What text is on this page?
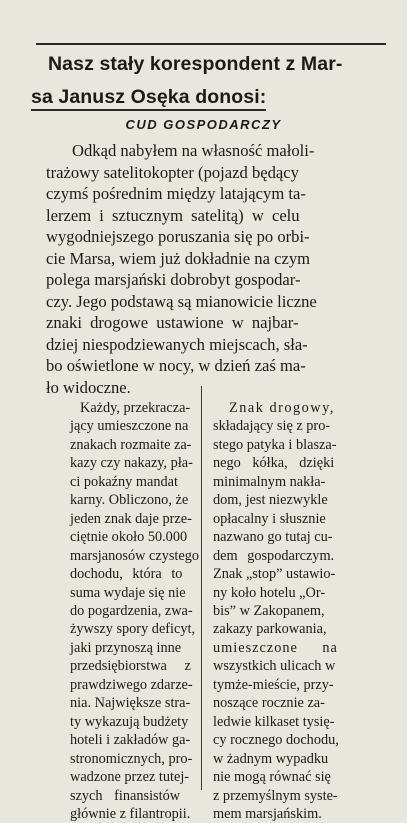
Nasz stały korespondent z Mar-
sa Janusz Osęka donosi:
CUD GOSPODARCZY
Odkąd nabyłem na własność małoli-
trażowy satelitokopter (pojazd będący
czymś pośrednim między latającym ta-
lerzem i sztucznym satelitą) w celu
wygodniejszego poruszania się po orbi-
cie Marsa, wiem już dokładnie na czym
polega marsjański dobrobyt gospodar-
czy. Jego podstawą są mianowicie liczne
znaki drogowe ustawione w najbar-
dziej niespodziewanych miejscach, sła-
bo oświetlone w nocy, w dzień zaś ma-
ło widoczne.
Każdy, przekracza-
jący umieszczone na
znakach rozmaite za-
kazy czy nakazy, pła-
ci pokaźny mandat
karny. Obliczono, że
jeden znak daje prze-
ciętnie około 50.000
marsjanosów czystego
dochodu, która to
suma wydaje się nie
do pogardzenia, zwa-
żywszy spory deficyt,
jaki przynoszą inne
przedsiębiorstwa z
prawdziwego zdarze-
nia. Największe stra-
ty wykazują budżety
hoteli i zakładów ga-
stronomicznych, pro-
wadzone przez tutej-
szych finansistów
głównie z filantropii.
Znak drogowy,
składający się z pro-
stego patyka i blasza-
nego kółka, dzięki
minimalnym nakła-
dom, jest niezwykle
opłacalny i słusznie
nazwano go tutaj cu-
dem gospodarczym.
Znak „stop” ustawio-
ny koło hotelu „Or-
bis” w Zakopanem,
zakazy parkowania,
umieszczone na
wszystkich ulicach w
tymże-mieście, przy-
noszące rocznie za-
ledwie kilkaset tysię-
cy rocznego dochodu,
w żadnym wypadku
nie mogą równać się
z przemyślnym syste-
mem marsjańskim.
